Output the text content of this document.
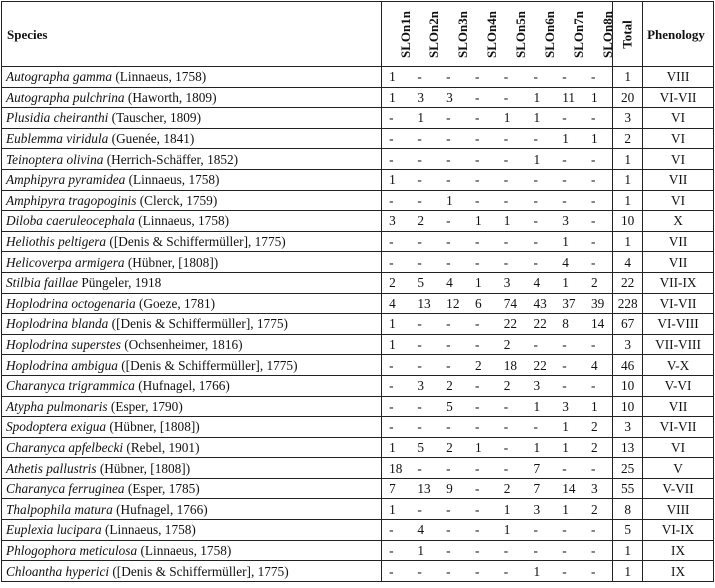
Species	SLOn1n	SLOn2n	SLOn3n	SLOn4n	SLOn5n	SLOn6n	SLOn7n	SLOn8n	Total	Phenology
Autographa gamma (Linnaeus, 1758)	1	-	-	-	-	-	-	-	1	VIII
Autographa pulchrina (Haworth, 1809)	1	3	3	-	-	1	11	1	20	VI-VII
Plusidia cheiranthi (Tauscher, 1809)	-	1	-	-	1	1	-	-	3	VI
Eublemma viridula (Guenée, 1841)	-	-	-	-	-	-	1	1	2	VI
Teinoptera olivina (Herrich-Schäffer, 1852)	-	-	-	-	-	1	-	-	1	VI
Amphipyra pyramidea (Linnaeus, 1758)	1	-	-	-	-	-	-	-	1	VII
Amphipyra tragopoginis (Clerck, 1759)	-	-	1	-	-	-	-	-	1	VI
Diloba caeruleocephala (Linnaeus, 1758)	3	2	-	1	1	-	3	-	10	X
Heliothis peltigera ([Denis & Schiffermüller], 1775)	-	-	-	-	-	-	1	-	1	VII
Helicoverpa armigera (Hübner, [1808])	-	-	-	-	-	-	4	-	4	VII
Stilbia faillae Püngeler, 1918	2	5	4	1	3	4	1	2	22	VII-IX
Hoplodrina octogenaria (Goeze, 1781)	4	13	12	6	74	43	37	39	228	VI-VII
Hoplodrina blanda ([Denis & Schiffermüller], 1775)	1	-	-	-	22	22	8	14	67	VI-VIII
Hoplodrina superstes (Ochsenheimer, 1816)	1	-	-	-	2	-	-	-	3	VII-VIII
Hoplodrina ambigua ([Denis & Schiffermüller], 1775)	-	-	-	2	18	22	-	4	46	V-X
Charanyca trigrammica (Hufnagel, 1766)	-	3	2	-	2	3	-	-	10	V-VI
Atypha pulmonaris (Esper, 1790)	-	-	5	-	-	1	3	1	10	VII
Spodoptera exigua (Hübner, [1808])	-	-	-	-	-	-	1	2	3	VI-VII
Charanyca apfelbecki (Rebel, 1901)	1	5	2	1	-	1	1	2	13	VI
Athetis pallustris (Hübner, [1808])	18	-	-	-	-	7	-	-	25	V
Charanyca ferruginea (Esper, 1785)	7	13	9	-	2	7	14	3	55	V-VII
Thalpophila matura (Hufnagel, 1766)	1	-	-	-	1	3	1	2	8	VIII
Euplexia lucipara (Linnaeus, 1758)	-	4	-	-	1	-	-	-	5	VI-IX
Phlogophora meticulosa (Linnaeus, 1758)	-	1	-	-	-	-	-	-	1	IX
Chloantha hyperici ([Denis & Schiffermüller], 1775)	-	-	-	-	-	1	-	-	1	IX
